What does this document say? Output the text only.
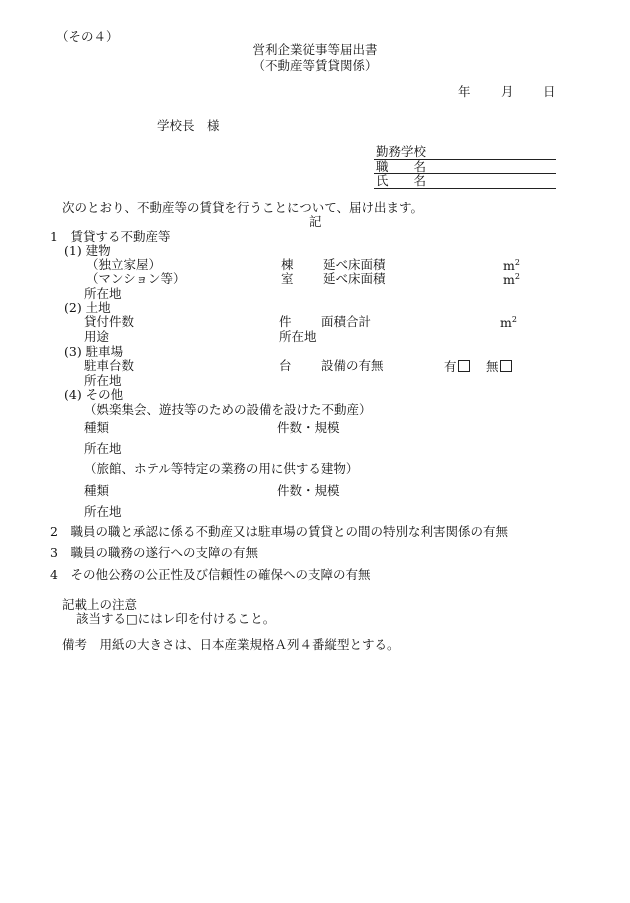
（その４）
営利企業従事等届出書
（不動産等賃貸関係）
年 月 日
学校長　様
勤務学校
職　　名
氏　　名
次のとおり、不動産等の賃貸を行うことについて、届け出ます。
記
1　賃貸する不動産等
(1) 建物
（独立家屋）	棟 延べ床面積	$m^2$
（マンション等）	室 延べ床面積	$m^2$
所在地
(2) 土地
貸付件数	件 面積合計	$m^2$
用途	所在地
(3) 駐車場
駐車台数	台 設備の有無	有	無
所在地
(4) その他
（娯楽集会、遊技等のための設備を設けた不動産）
種類	件数・規模
所在地
（旅館、ホテル等特定の業務の用に供する建物）
種類	件数・規模
所在地
2　職員の職と承認に係る不動産又は駐車場の賃貸との間の特別な利害関係の有無
3　職員の職務の遂行への支障の有無
4　その他公務の公正性及び信頼性の確保への支障の有無
記載上の注意
該当する□にはレ印を付けること。
備考　用紙の大きさは、日本産業規格Ａ列４番縦型とする。
